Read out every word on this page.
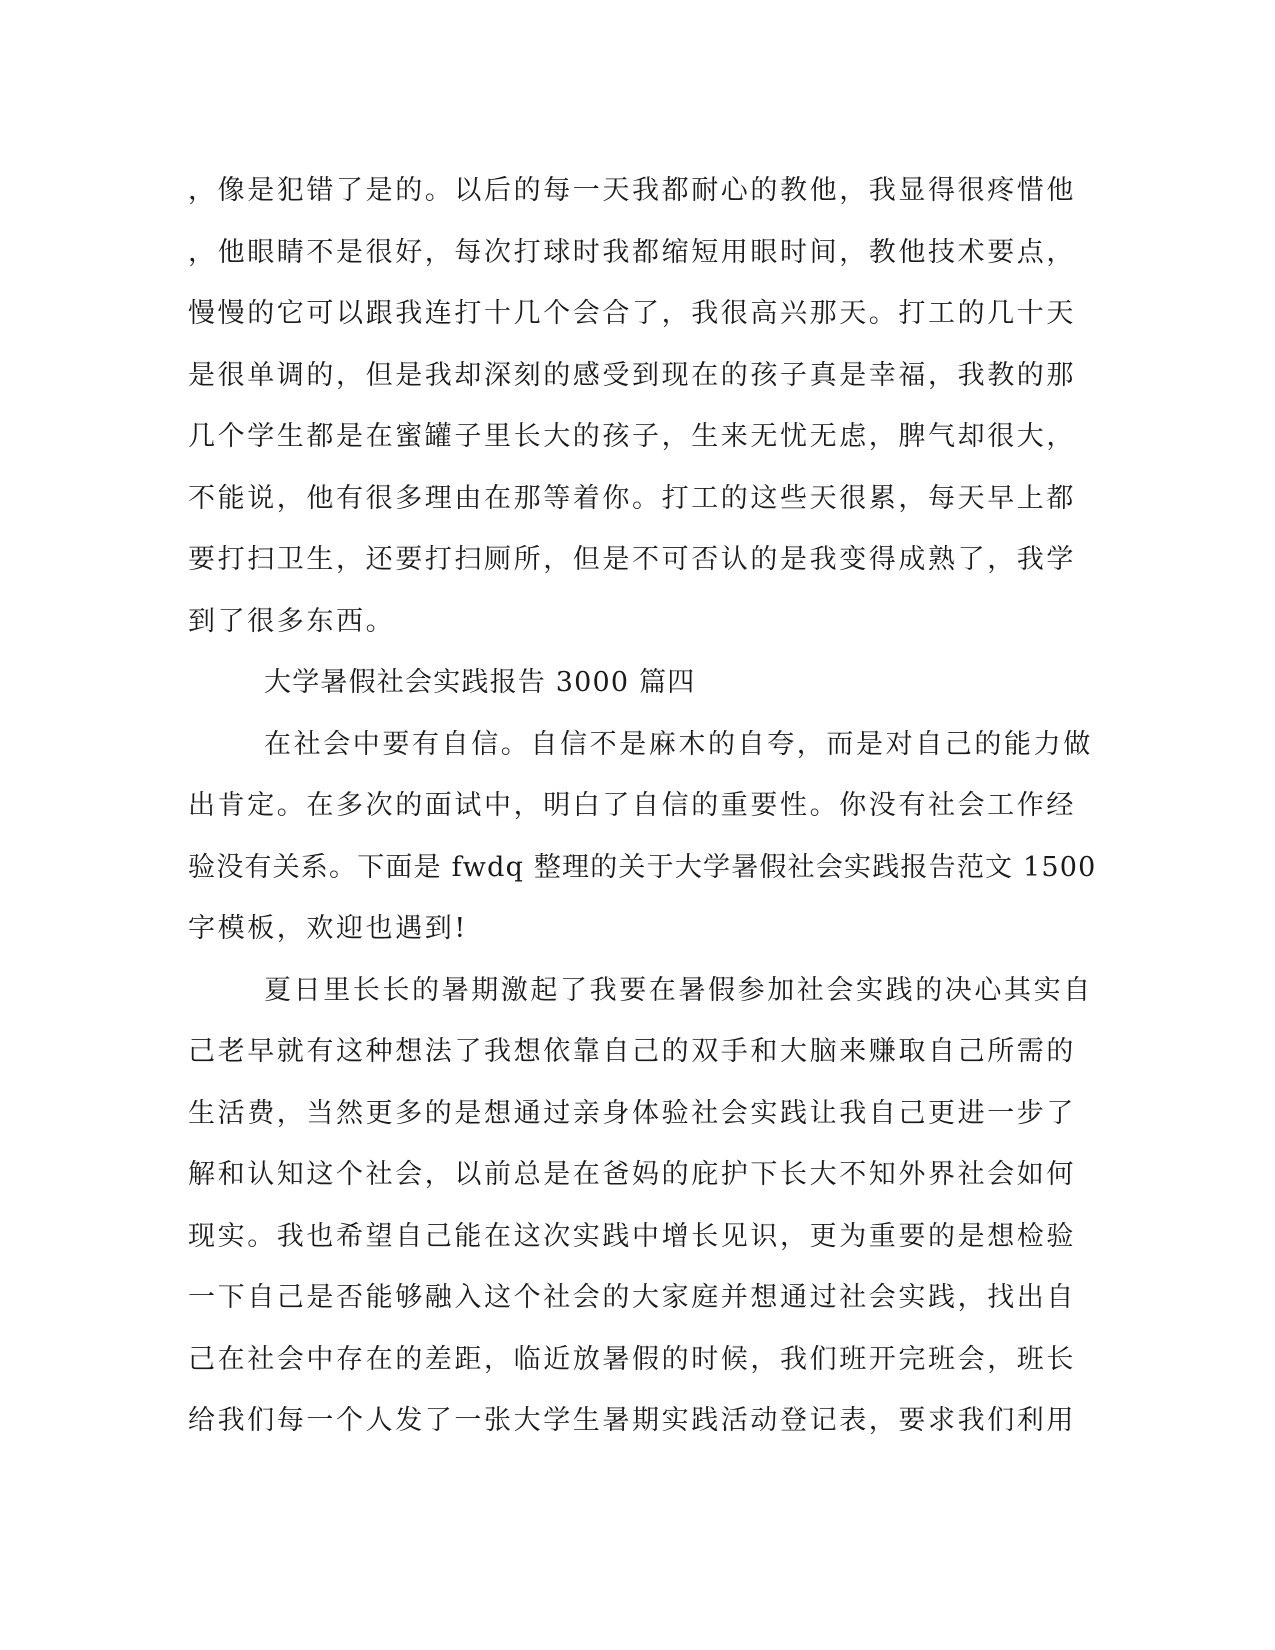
，像是犯错了是的。以后的每一天我都耐心的教他，我显得很疼惜他
，他眼睛不是很好，每次打球时我都缩短用眼时间，教他技术要点，
慢慢的它可以跟我连打十几个会合了，我很高兴那天。打工的几十天
是很单调的，但是我却深刻的感受到现在的孩子真是幸福，我教的那
几个学生都是在蜜罐子里长大的孩子，生来无忧无虑，脾气却很大，
不能说，他有很多理由在那等着你。打工的这些天很累，每天早上都
要打扫卫生，还要打扫厕所，但是不可否认的是我变得成熟了，我学
到了很多东西。
大学暑假社会实践报告 3000 篇四
在社会中要有自信。自信不是麻木的自夸，而是对自己的能力做
出肯定。在多次的面试中，明白了自信的重要性。你没有社会工作经
验没有关系。下面是 fwdq 整理的关于大学暑假社会实践报告范文 1500
字模板，欢迎也遇到!
夏日里长长的暑期激起了我要在暑假参加社会实践的决心其实自
己老早就有这种想法了我想依靠自己的双手和大脑来赚取自己所需的
生活费，当然更多的是想通过亲身体验社会实践让我自己更进一步了
解和认知这个社会，以前总是在爸妈的庇护下长大不知外界社会如何
现实。我也希望自己能在这次实践中增长见识，更为重要的是想检验
一下自己是否能够融入这个社会的大家庭并想通过社会实践，找出自
己在社会中存在的差距，临近放暑假的时候，我们班开完班会，班长
给我们每一个人发了一张大学生暑期实践活动登记表，要求我们利用
